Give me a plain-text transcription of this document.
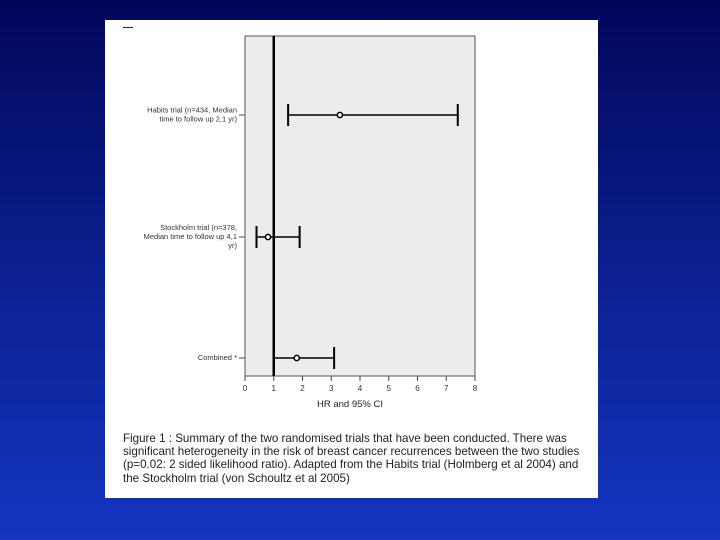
0	1	2	3	4	5	6	7	8
HR and 95% CI
Habits trial (n=434, Median time to follow up 2,1 yr)
Stockholm trial (n=378, Median time to follow up 4,1 yr)
Combined *
Figure 1 : Summary of the two randomised trials that have been conducted. There was significant heterogeneity in the risk of breast cancer recurrences between the two studies (p=0.02: 2 sided likelihood ratio). Adapted from the Habits trial (Holmberg et al 2004) and the Stockholm trial (von Schoultz et al 2005)
